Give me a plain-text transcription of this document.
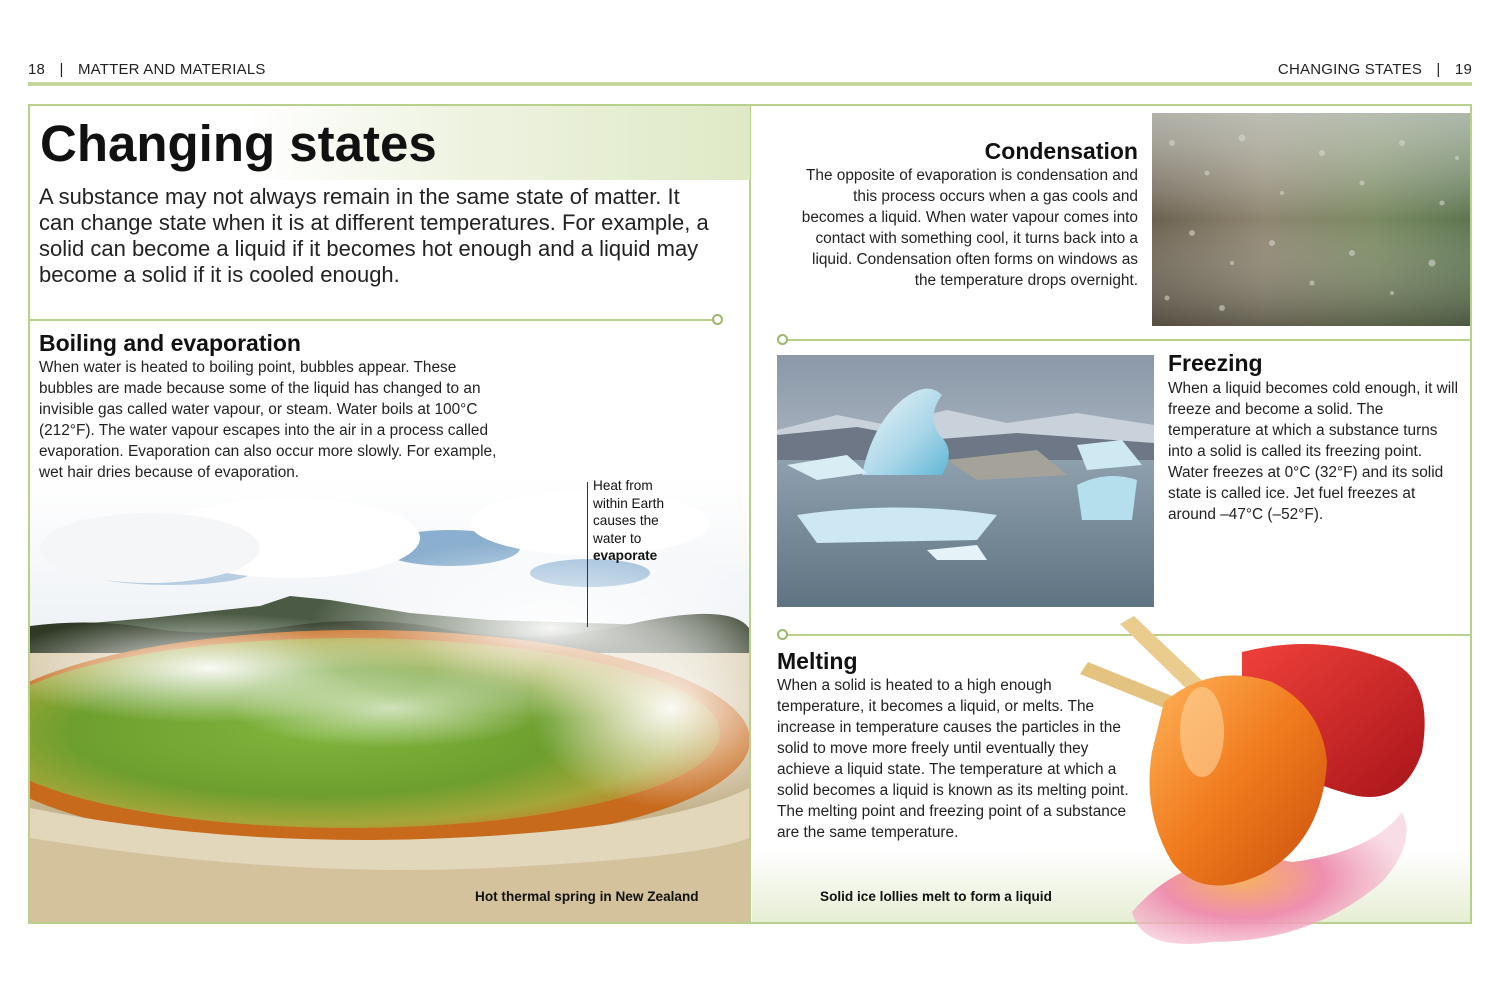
18 | MATTER AND MATERIALS	CHANGING STATES | 19
Changing states
A substance may not always remain in the same state of matter. It can change state when it is at different temperatures. For example, a solid can become a liquid if it becomes hot enough and a liquid may become a solid if it is cooled enough.
Heat from
within Earth
causes the
water to
evaporate
Boiling and evaporation
When water is heated to boiling point, bubbles appear. These bubbles are made because some of the liquid has changed to an invisible gas called water vapour, or steam. Water boils at 100°C (212°F). The water vapour escapes into the air in a process called evaporation. Evaporation can also occur more slowly. For example, wet hair dries because of evaporation.
Hot thermal spring in New Zealand
Condensation
The opposite of evaporation is condensation and this process occurs when a gas cools and becomes a liquid. When water vapour comes into contact with something cool, it turns back into a liquid. Condensation often forms on windows as the temperature drops overnight.
Freezing
When a liquid becomes cold enough, it will freeze and become a solid. The temperature at which a substance turns into a solid is called its freezing point. Water freezes at 0°C (32°F) and its solid state is called ice. Jet fuel freezes at around –47°C (–52°F).
Melting
When a solid is heated to a high enough temperature, it becomes a liquid, or melts. The increase in temperature causes the particles in the solid to move more freely until eventually they achieve a liquid state. The temperature at which a solid becomes a liquid is known as its melting point. The melting point and freezing point of a substance are the same temperature.
Solid ice lollies melt to form a liquid
